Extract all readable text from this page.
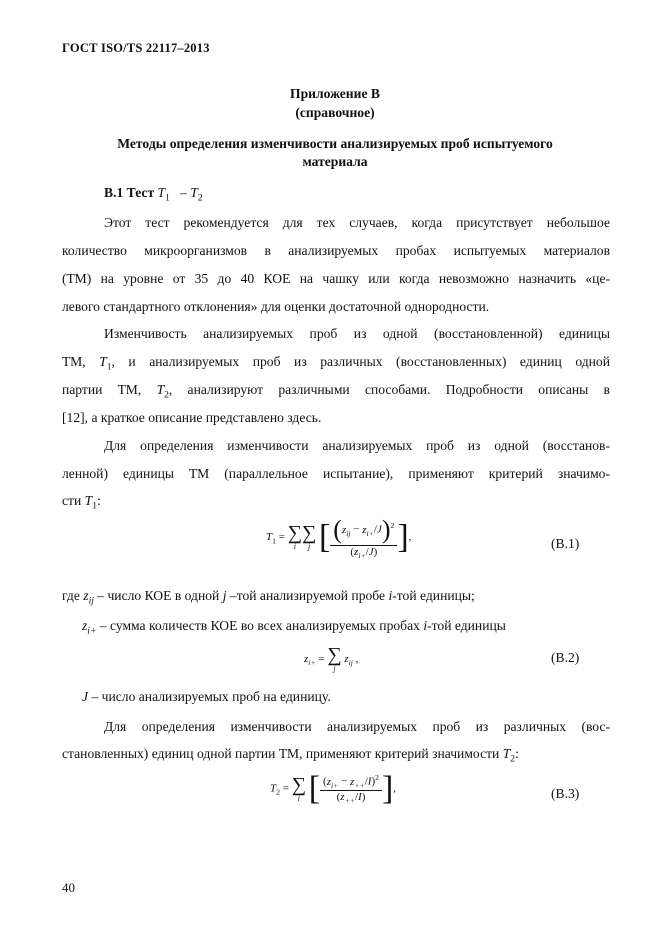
ГОСТ ISO/TS 22117–2013
Приложение В
(справочное)
Методы определения изменчивости анализируемых проб испытуемого
материала
В.1 Тест $T_1 - T_2$
Этот тест рекомендуется для тех случаев, когда присутствует небольшое
количество микроорганизмов в анализируемых пробах испытуемых материалов
(ТМ) на уровне от 35 до 40 КОЕ на чашку или когда невозможно назначить «це-
левого стандартного отклонения» для оценки достаточной однородности.
Изменчивость анализируемых проб из одной (восстановленной) единицы
ТМ, $T_1$, и анализируемых проб из различных (восстановленных) единиц одной
партии ТМ, $T_2$, анализируют различными способами. Подробности описаны в
[12], а краткое описание представлено здесь.
Для определения изменчивости анализируемых проб из одной (восстанов-
ленной) единицы ТМ (параллельное испытание), применяют критерий значимо-
сти $T_1$:
$T_1$ = ∑
i
∑
j [ $\frac{(z_{ij} - z_{i+}/J)^2}{(z_{i+}/J)}$ ],	(В.1)
где $z_{ij}$ – число КОЕ в одной j –той анализируемой пробе i-той единицы;
$z_{i+}$ – сумма количеств КОЕ во всех анализируемых пробах i-той единицы
$z_{i+}$ = ∑
j
$z_{ij}$ ,	(В.2)
J – число анализируемых проб на единицу.
Для определения изменчивости анализируемых проб из различных (вос-
становленных) единиц одной партии ТМ, применяют критерий значимости $T_2$:
$T_2$ = ∑
i [ $\frac{(z_{i+} - z_{++}/I)^2}{(z_{++}/I)}$ ],	(В.3)
40
